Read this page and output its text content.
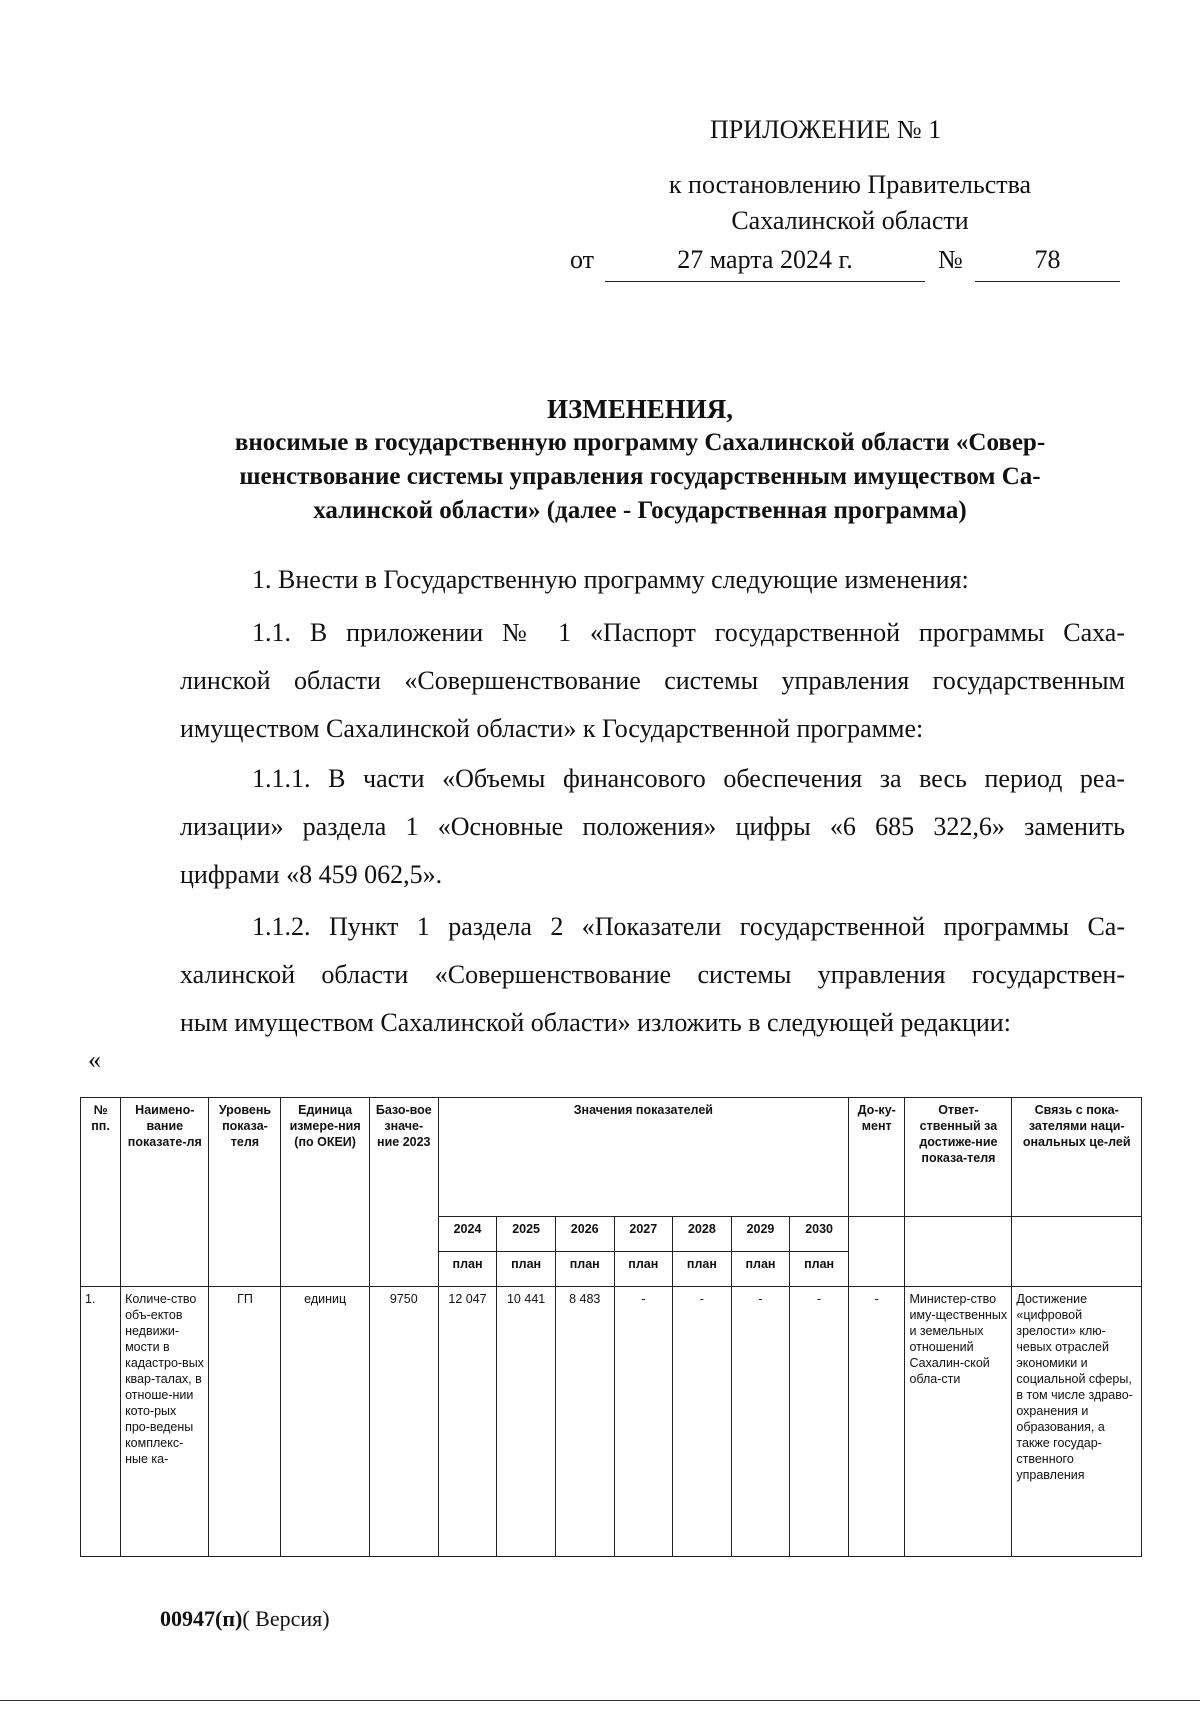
ПРИЛОЖЕНИЕ № 1
к постановлению Правительства
Сахалинской области
от	27 марта 2024 г.	№	78
ИЗМЕНЕНИЯ,
вносимые в государственную программу Сахалинской области «Совер-
шенствование системы управления государственным имуществом Са-
халинской области» (далее - Государственная программа)
1. Внести в Государственную программу следующие изменения:
1.1. В приложении № 1 «Паспорт государственной программы Саха-
линской области «Совершенствование системы управления государственным
имуществом Сахалинской области» к Государственной программе:
1.1.1. В части «Объемы финансового обеспечения за весь период реа-
лизации» раздела 1 «Основные положения» цифры «6 685 322,6» заменить
цифрами «8 459 062,5».
1.1.2. Пункт 1 раздела 2 «Показатели государственной программы Са-
халинской области «Совершенствование системы управления государствен-
ным имуществом Сахалинской области» изложить в следующей редакции:
«
№ пп.	Наимено-вание показате-ля	Уровень показа-теля	Единица измере-ния (по ОКЕИ)	Базо-вое значе-ние 2023	Значения показателей							До-ку-мент	Ответ-ственный за достиже-ние показа-теля	Связь с пока-зателями наци-ональных це-лей
					2024	2025	2026	2027	2028	2029	2030			
					план	план	план	план	план	план	план			
1.	Количе-ство объ-ектов недвижи-мости в кадастро-вых квар-талах, в отноше-нии кото-рых про-ведены комплекс-ные ка-	ГП	единиц	9750	12 047	10 441	8 483	-	-	-	-	-	Министер-ство иму-щественных и земельных отношений Сахалин-ской обла-сти	Достижение «цифровой зрелости» клю-чевых отраслей экономики и социальной сферы, в том числе здраво-охранения и образования, а также государ-ственного управления
00947(п)( Версия)
